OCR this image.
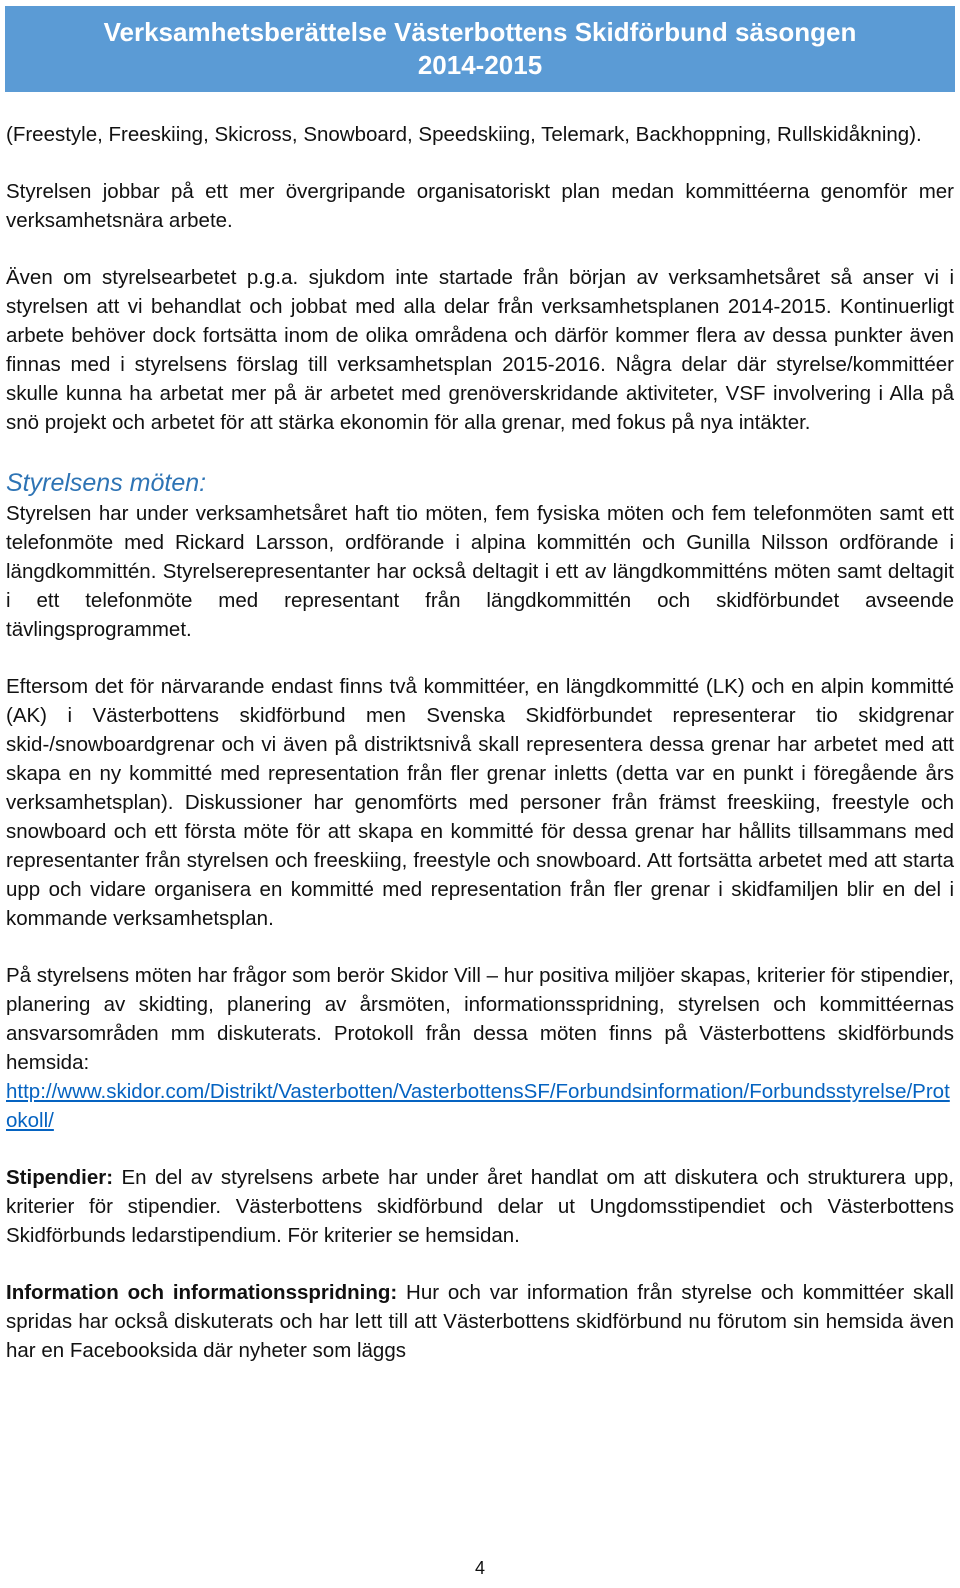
Verksamhetsberättelse Västerbottens Skidförbund säsongen
2014-2015

(Freestyle, Freeskiing, Skicross, Snowboard, Speedskiing, Telemark, Backhoppning, Rullskidåkning).

Styrelsen jobbar på ett mer övergripande organisatoriskt plan medan kommittéerna genomför mer verksamhetsnära arbete.

Även om styrelsearbetet p.g.a. sjukdom inte startade från början av verksamhetsåret så anser vi i styrelsen att vi behandlat och jobbat med alla delar från verksamhetsplanen 2014-2015. Kontinuerligt arbete behöver dock fortsätta inom de olika områdena och därför kommer flera av dessa punkter även finnas med i styrelsens förslag till verksamhetsplan 2015-2016. Några delar där styrelse/kommittéer skulle kunna ha arbetat mer på är arbetet med grenöverskridande aktiviteter, VSF involvering i Alla på snö projekt och arbetet för att stärka ekonomin för alla grenar, med fokus på nya intäkter.

Styrelsens möten:

Styrelsen har under verksamhetsåret haft tio möten, fem fysiska möten och fem telefonmöten samt ett telefonmöte med Rickard Larsson, ordförande i alpina kommittén och Gunilla Nilsson ordförande i längdkommittén. Styrelserepresentanter har också deltagit i ett av längdkommitténs möten samt deltagit i ett telefonmöte med representant från längdkommittén och skidförbundet avseende tävlingsprogrammet.

Eftersom det för närvarande endast finns två kommittéer, en längdkommitté (LK) och en alpin kommitté (AK) i Västerbottens skidförbund men Svenska Skidförbundet representerar tio skidgrenar skid-/snowboardgrenar och vi även på distriktsnivå skall representera dessa grenar har arbetet med att skapa en ny kommitté med representation från fler grenar inletts (detta var en punkt i föregående års verksamhetsplan). Diskussioner har genomförts med personer från främst freeskiing, freestyle och snowboard och ett första möte för att skapa en kommitté för dessa grenar har hållits tillsammans med representanter från styrelsen och freeskiing, freestyle och snowboard. Att fortsätta arbetet med att starta upp och vidare organisera en kommitté med representation från fler grenar i skidfamiljen blir en del i kommande verksamhetsplan.

På styrelsens möten har frågor som berör Skidor Vill – hur positiva miljöer skapas, kriterier för stipendier, planering av skidting, planering av årsmöten, informationsspridning, styrelsen och kommittéernas ansvarsområden mm diskuterats. Protokoll från dessa möten finns på Västerbottens skidförbunds hemsida:

http://www.skidor.com/Distrikt/Vasterbotten/VasterbottensSF/Forbundsinformation/Forbundsstyrelse/Protokoll/

Stipendier: En del av styrelsens arbete har under året handlat om att diskutera och strukturera upp, kriterier för stipendier. Västerbottens skidförbund delar ut Ungdomsstipendiet och Västerbottens Skidförbunds ledarstipendium. För kriterier se hemsidan.

Information och informationsspridning: Hur och var information från styrelse och kommittéer skall spridas har också diskuterats och har lett till att Västerbottens skidförbund nu förutom sin hemsida även har en Facebooksida där nyheter som läggs

4
